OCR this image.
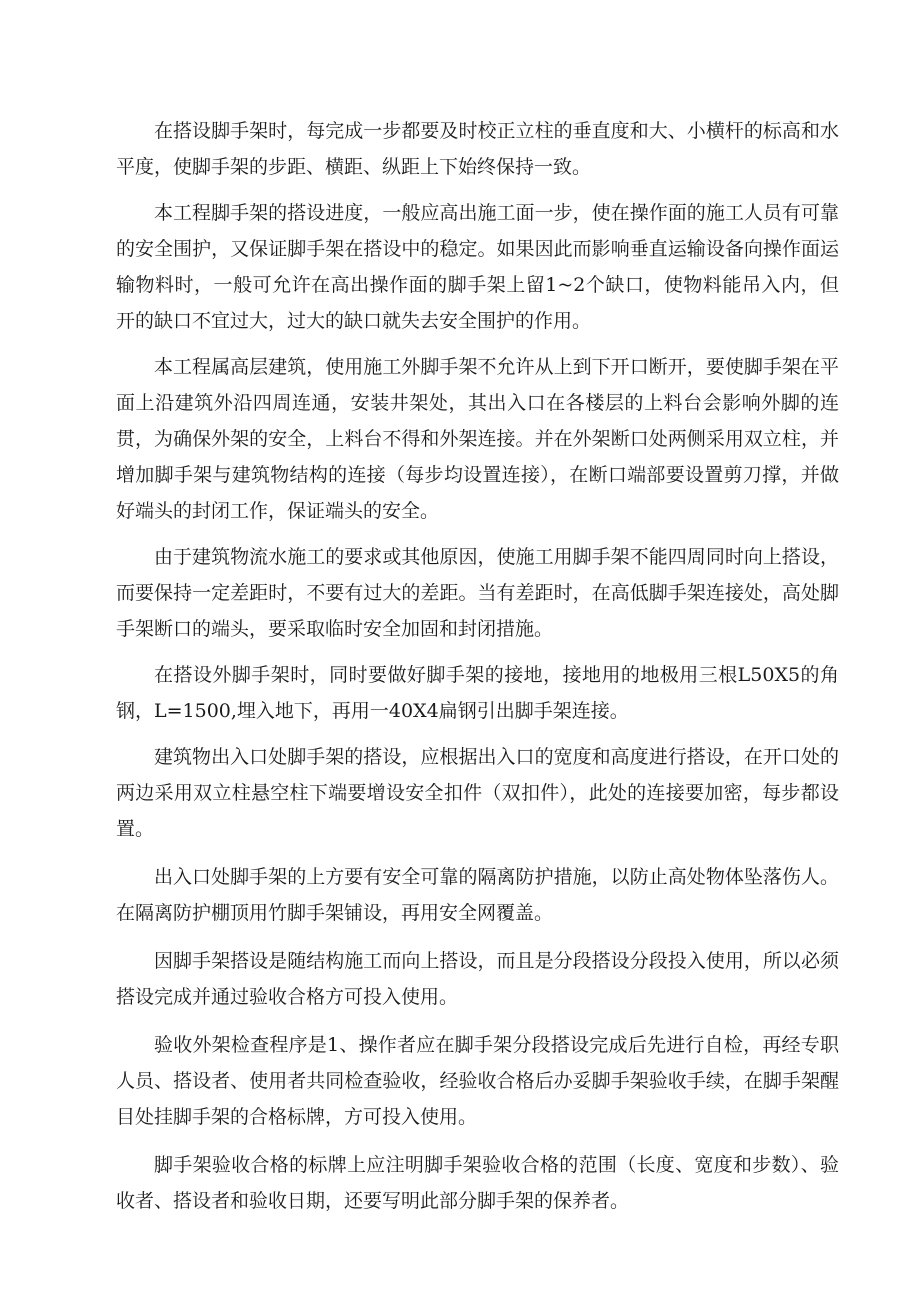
在搭设脚手架时，每完成一步都要及时校正立柱的垂直度和大、小横杆的标高和水平度，使脚手架的步距、横距、纵距上下始终保持一致。

本工程脚手架的搭设进度，一般应高出施工面一步，使在操作面的施工人员有可靠的安全围护，又保证脚手架在搭设中的稳定。如果因此而影响垂直运输设备向操作面运输物料时，一般可允许在高出操作面的脚手架上留1~2个缺口，使物料能吊入内，但开的缺口不宜过大，过大的缺口就失去安全围护的作用。

本工程属高层建筑，使用施工外脚手架不允许从上到下开口断开，要使脚手架在平面上沿建筑外沿四周连通，安装井架处，其出入口在各楼层的上料台会影响外脚的连贯，为确保外架的安全，上料台不得和外架连接。并在外架断口处两侧采用双立柱，并增加脚手架与建筑物结构的连接（每步均设置连接），在断口端部要设置剪刀撑，并做好端头的封闭工作，保证端头的安全。

由于建筑物流水施工的要求或其他原因，使施工用脚手架不能四周同时向上搭设，而要保持一定差距时，不要有过大的差距。当有差距时，在高低脚手架连接处，高处脚手架断口的端头，要采取临时安全加固和封闭措施。

在搭设外脚手架时，同时要做好脚手架的接地，接地用的地极用三根L50X5的角钢，L=1500,埋入地下，再用一40X4扁钢引出脚手架连接。

建筑物出入口处脚手架的搭设，应根据出入口的宽度和高度进行搭设，在开口处的两边采用双立柱悬空柱下端要增设安全扣件（双扣件），此处的连接要加密，每步都设置。

出入口处脚手架的上方要有安全可靠的隔离防护措施，以防止高处物体坠落伤人。在隔离防护棚顶用竹脚手架铺设，再用安全网覆盖。

因脚手架搭设是随结构施工而向上搭设，而且是分段搭设分段投入使用，所以必须搭设完成并通过验收合格方可投入使用。

验收外架检查程序是1、操作者应在脚手架分段搭设完成后先进行自检，再经专职人员、搭设者、使用者共同检查验收，经验收合格后办妥脚手架验收手续，在脚手架醒目处挂脚手架的合格标牌，方可投入使用。

脚手架验收合格的标牌上应注明脚手架验收合格的范围（长度、宽度和步数）、验收者、搭设者和验收日期，还要写明此部分脚手架的保养者。
